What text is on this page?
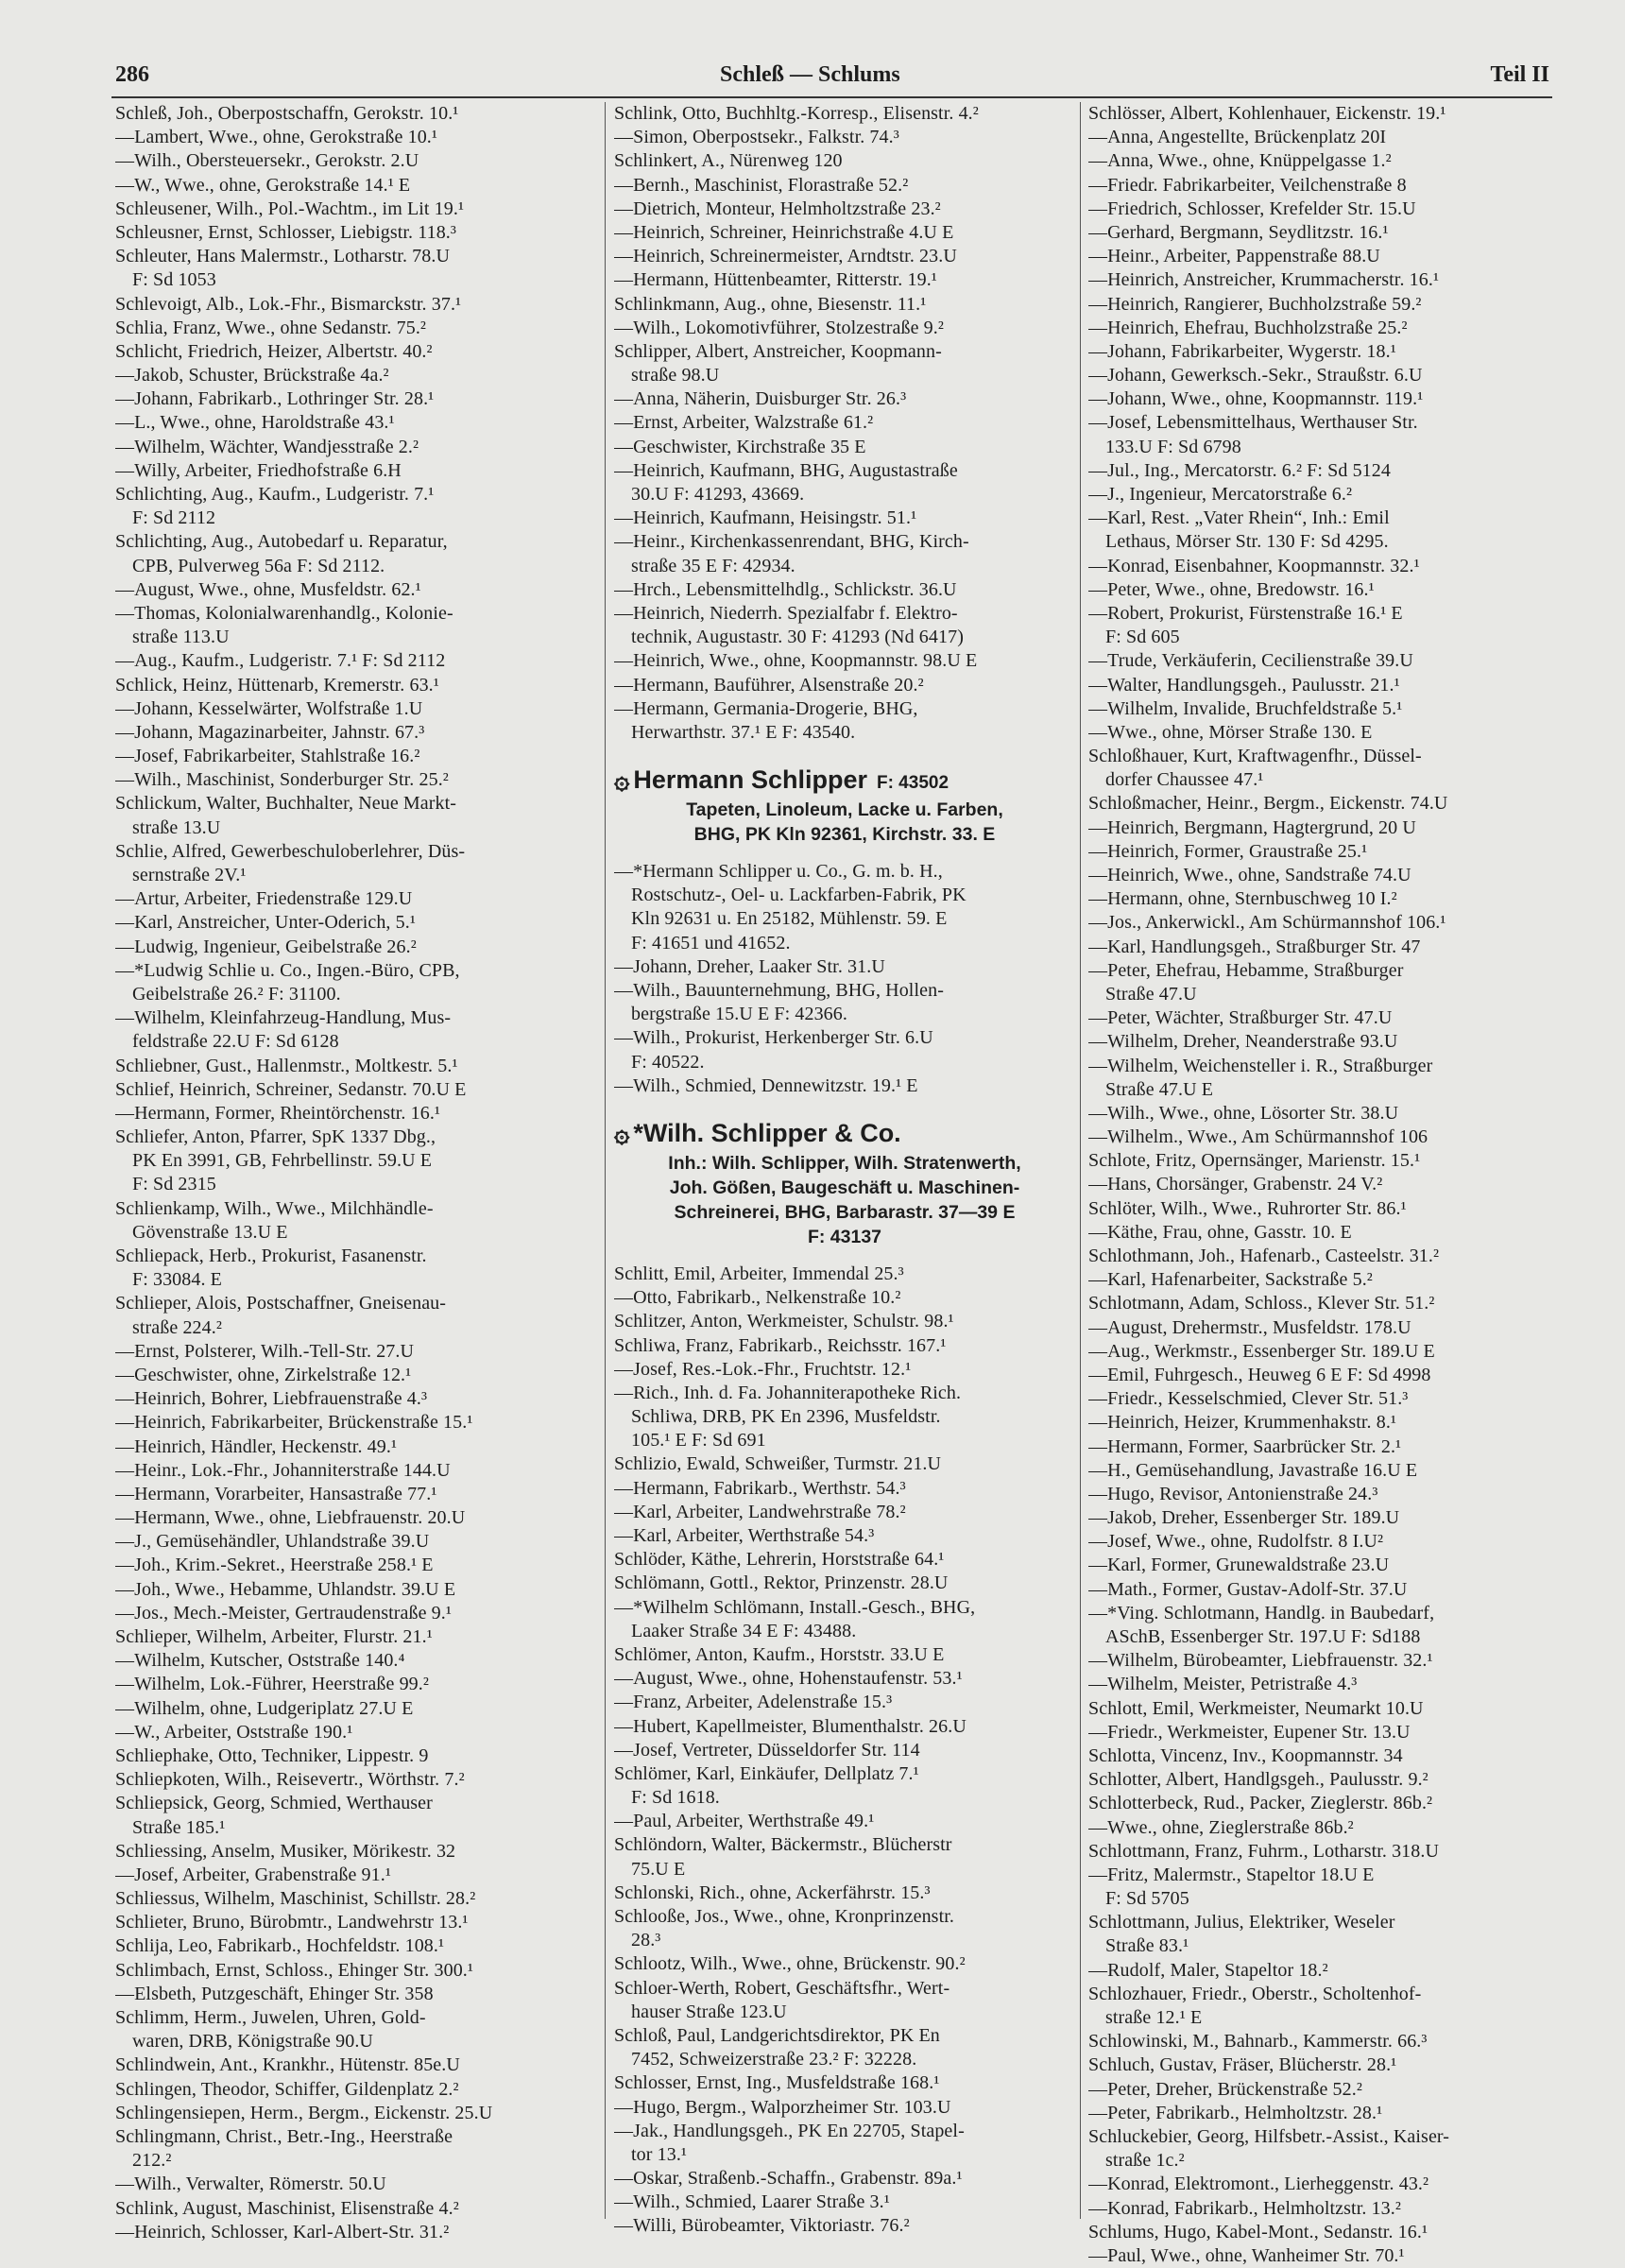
286	Schleß — Schlums	Teil II
Schleß, Joh., Oberpostschaffn, Gerokstr. 10.¹
—Lambert, Wwe., ohne, Gerokstraße 10.¹
—Wilh., Obersteuersekr., Gerokstr. 2.U
—W., Wwe., ohne, Gerokstraße 14.¹ E
Schleusener, Wilh., Pol.-Wachtm., im Lit 19.¹
Schleusner, Ernst, Schlosser, Liebigstr. 118.³
Schleuter, Hans Malermstr., Lotharstr. 78.U
F: Sd 1053
Schlevoigt, Alb., Lok.-Fhr., Bismarckstr. 37.¹
Schlia, Franz, Wwe., ohne Sedanstr. 75.²
Schlicht, Friedrich, Heizer, Albertstr. 40.²
—Jakob, Schuster, Brückstraße 4a.²
—Johann, Fabrikarb., Lothringer Str. 28.¹
—L., Wwe., ohne, Haroldstraße 43.¹
—Wilhelm, Wächter, Wandjesstraße 2.²
—Willy, Arbeiter, Friedhofstraße 6.H
Schlichting, Aug., Kaufm., Ludgeristr. 7.¹
F: Sd 2112
Schlichting, Aug., Autobedarf u. Reparatur,
CPB, Pulverweg 56a F: Sd 2112.
—August, Wwe., ohne, Musfeldstr. 62.¹
—Thomas, Kolonialwarenhandlg., Kolonie-
straße 113.U
—Aug., Kaufm., Ludgeristr. 7.¹ F: Sd 2112
Schlick, Heinz, Hüttenarb, Kremerstr. 63.¹
—Johann, Kesselwärter, Wolfstraße 1.U
—Johann, Magazinarbeiter, Jahnstr. 67.³
—Josef, Fabrikarbeiter, Stahlstraße 16.²
—Wilh., Maschinist, Sonderburger Str. 25.²
Schlickum, Walter, Buchhalter, Neue Markt-
straße 13.U
Schlie, Alfred, Gewerbeschuloberlehrer, Düs-
sernstraße 2V.¹
—Artur, Arbeiter, Friedenstraße 129.U
—Karl, Anstreicher, Unter-Oderich, 5.¹
—Ludwig, Ingenieur, Geibelstraße 26.²
—*Ludwig Schlie u. Co., Ingen.-Büro, CPB,
Geibelstraße 26.² F: 31100.
—Wilhelm, Kleinfahrzeug-Handlung, Mus-
feldstraße 22.U F: Sd 6128
Schliebner, Gust., Hallenmstr., Moltkestr. 5.¹
Schlief, Heinrich, Schreiner, Sedanstr. 70.U E
—Hermann, Former, Rheintörchenstr. 16.¹
Schliefer, Anton, Pfarrer, SpK 1337 Dbg.,
PK En 3991, GB, Fehrbellinstr. 59.U E
F: Sd 2315
Schlienkamp, Wilh., Wwe., Milchhändle-
Gövenstraße 13.U E
Schliepack, Herb., Prokurist, Fasanenstr.
F: 33084. E
Schlieper, Alois, Postschaffner, Gneisenau-
straße 224.²
—Ernst, Polsterer, Wilh.-Tell-Str. 27.U
—Geschwister, ohne, Zirkelstraße 12.¹
—Heinrich, Bohrer, Liebfrauenstraße 4.³
—Heinrich, Fabrikarbeiter, Brückenstraße 15.¹
—Heinrich, Händler, Heckenstr. 49.¹
—Heinr., Lok.-Fhr., Johanniterstraße 144.U
—Hermann, Vorarbeiter, Hansastraße 77.¹
—Hermann, Wwe., ohne, Liebfrauenstr. 20.U
—J., Gemüsehändler, Uhlandstraße 39.U
—Joh., Krim.-Sekret., Heerstraße 258.¹ E
—Joh., Wwe., Hebamme, Uhlandstr. 39.U E
—Jos., Mech.-Meister, Gertraudenstraße 9.¹
Schlieper, Wilhelm, Arbeiter, Flurstr. 21.¹
—Wilhelm, Kutscher, Oststraße 140.⁴
—Wilhelm, Lok.-Führer, Heerstraße 99.²
—Wilhelm, ohne, Ludgeriplatz 27.U E
—W., Arbeiter, Oststraße 190.¹
Schliephake, Otto, Techniker, Lippestr. 9
Schliepkoten, Wilh., Reisevertr., Wörthstr. 7.²
Schliepsick, Georg, Schmied, Werthauser
Straße 185.¹
Schliessing, Anselm, Musiker, Mörikestr. 32
—Josef, Arbeiter, Grabenstraße 91.¹
Schliessus, Wilhelm, Maschinist, Schillstr. 28.²
Schlieter, Bruno, Bürobmtr., Landwehrstr 13.¹
Schlija, Leo, Fabrikarb., Hochfeldstr. 108.¹
Schlimbach, Ernst, Schloss., Ehinger Str. 300.¹
—Elsbeth, Putzgeschäft, Ehinger Str. 358
Schlimm, Herm., Juwelen, Uhren, Gold-
waren, DRB, Königstraße 90.U
Schlindwein, Ant., Krankhr., Hütenstr. 85e.U
Schlingen, Theodor, Schiffer, Gildenplatz 2.²
Schlingensiepen, Herm., Bergm., Eickenstr. 25.U
Schlingmann, Christ., Betr.-Ing., Heerstraße
212.²
—Wilh., Verwalter, Römerstr. 50.U
Schlink, August, Maschinist, Elisenstraße 4.²
—Heinrich, Schlosser, Karl-Albert-Str. 31.²
Schlink, Otto, Buchhltg.-Korresp., Elisenstr. 4.²
—Simon, Oberpostsekr., Falkstr. 74.³
Schlinkert, A., Nürenweg 120
—Bernh., Maschinist, Florastraße 52.²
—Dietrich, Monteur, Helmholtzstraße 23.²
—Heinrich, Schreiner, Heinrichstraße 4.U E
—Heinrich, Schreinermeister, Arndtstr. 23.U
—Hermann, Hüttenbeamter, Ritterstr. 19.¹
Schlinkmann, Aug., ohne, Biesenstr. 11.¹
—Wilh., Lokomotivführer, Stolzestraße 9.²
Schlipper, Albert, Anstreicher, Koopmann-
straße 98.U
—Anna, Näherin, Duisburger Str. 26.³
—Ernst, Arbeiter, Walzstraße 61.²
—Geschwister, Kirchstraße 35 E
—Heinrich, Kaufmann, BHG, Augustastraße
30.U F: 41293, 43669.
—Heinrich, Kaufmann, Heisingstr. 51.¹
—Heinr., Kirchenkassenrendant, BHG, Kirch-
straße 35 E F: 42934.
—Hrch., Lebensmittelhdlg., Schlickstr. 36.U
—Heinrich, Niederrh. Spezialfabr f. Elektro-
technik, Augustastr. 30 F: 41293 (Nd 6417)
—Heinrich, Wwe., ohne, Koopmannstr. 98.U E
—Hermann, Bauführer, Alsenstraße 20.²
—Hermann, Germania-Drogerie, BHG,
Herwarthstr. 37.¹ E F: 43540.
۞ Hermann Schlipper F: 43502
Tapeten, Linoleum, Lacke u. Farben,
BHG, PK Kln 92361, Kirchstr. 33. E
—*Hermann Schlipper u. Co., G. m. b. H.,
Rostschutz-, Oel- u. Lackfarben-Fabrik, PK
Kln 92631 u. En 25182, Mühlenstr. 59. E
F: 41651 und 41652.
—Johann, Dreher, Laaker Str. 31.U
—Wilh., Bauunternehmung, BHG, Hollen-
bergstraße 15.U E F: 42366.
—Wilh., Prokurist, Herkenberger Str. 6.U
F: 40522.
—Wilh., Schmied, Dennewitzstr. 19.¹ E
۞ *Wilh. Schlipper & Co.
Inh.: Wilh. Schlipper, Wilh. Stratenwerth,
Joh. Gößen, Baugeschäft u. Maschinen-
Schreinerei, BHG, Barbarastr. 37—39 E
F: 43137
Schlitt, Emil, Arbeiter, Immendal 25.³
—Otto, Fabrikarb., Nelkenstraße 10.²
Schlitzer, Anton, Werkmeister, Schulstr. 98.¹
Schliwa, Franz, Fabrikarb., Reichsstr. 167.¹
—Josef, Res.-Lok.-Fhr., Fruchtstr. 12.¹
—Rich., Inh. d. Fa. Johanniterapotheke Rich.
Schliwa, DRB, PK En 2396, Musfeldstr.
105.¹ E F: Sd 691
Schlizio, Ewald, Schweißer, Turmstr. 21.U
—Hermann, Fabrikarb., Werthstr. 54.³
—Karl, Arbeiter, Landwehrstraße 78.²
—Karl, Arbeiter, Werthstraße 54.³
Schlöder, Käthe, Lehrerin, Horststraße 64.¹
Schlömann, Gottl., Rektor, Prinzenstr. 28.U
—*Wilhelm Schlömann, Install.-Gesch., BHG,
Laaker Straße 34 E F: 43488.
Schlömer, Anton, Kaufm., Horststr. 33.U E
—August, Wwe., ohne, Hohenstaufenstr. 53.¹
—Franz, Arbeiter, Adelenstraße 15.³
—Hubert, Kapellmeister, Blumenthalstr. 26.U
—Josef, Vertreter, Düsseldorfer Str. 114
Schlömer, Karl, Einkäufer, Dellplatz 7.¹
F: Sd 1618.
—Paul, Arbeiter, Werthstraße 49.¹
Schlöndorn, Walter, Bäckermstr., Blücherstr
75.U E
Schlonski, Rich., ohne, Ackerfährstr. 15.³
Schlooße, Jos., Wwe., ohne, Kronprinzenstr.
28.³
Schlootz, Wilh., Wwe., ohne, Brückenstr. 90.²
Schloer-Werth, Robert, Geschäftsfhr., Wert-
hauser Straße 123.U
Schloß, Paul, Landgerichtsdirektor, PK En
7452, Schweizerstraße 23.² F: 32228.
Schlosser, Ernst, Ing., Musfeldstraße 168.¹
—Hugo, Bergm., Walporzheimer Str. 103.U
—Jak., Handlungsgeh., PK En 22705, Stapel-
tor 13.¹
—Oskar, Straßenb.-Schaffn., Grabenstr. 89a.¹
—Wilh., Schmied, Laarer Straße 3.¹
—Willi, Bürobeamter, Viktoriastr. 76.²
Schlösser, Albert, Kohlenhauer, Eickenstr. 19.¹
—Anna, Angestellte, Brückenplatz 20I
—Anna, Wwe., ohne, Knüppelgasse 1.²
—Friedr. Fabrikarbeiter, Veilchenstraße 8
—Friedrich, Schlosser, Krefelder Str. 15.U
—Gerhard, Bergmann, Seydlitzstr. 16.¹
—Heinr., Arbeiter, Pappenstraße 88.U
—Heinrich, Anstreicher, Krummacherstr. 16.¹
—Heinrich, Rangierer, Buchholzstraße 59.²
—Heinrich, Ehefrau, Buchholzstraße 25.²
—Johann, Fabrikarbeiter, Wygerstr. 18.¹
—Johann, Gewerksch.-Sekr., Straußstr. 6.U
—Johann, Wwe., ohne, Koopmannstr. 119.¹
—Josef, Lebensmittelhaus, Werthauser Str.
133.U F: Sd 6798
—Jul., Ing., Mercatorstr. 6.² F: Sd 5124
—J., Ingenieur, Mercatorstraße 6.²
—Karl, Rest. „Vater Rhein“, Inh.: Emil
Lethaus, Mörser Str. 130 F: Sd 4295.
—Konrad, Eisenbahner, Koopmannstr. 32.¹
—Peter, Wwe., ohne, Bredowstr. 16.¹
—Robert, Prokurist, Fürstenstraße 16.¹ E
F: Sd 605
—Trude, Verkäuferin, Cecilienstraße 39.U
—Walter, Handlungsgeh., Paulusstr. 21.¹
—Wilhelm, Invalide, Bruchfeldstraße 5.¹
—Wwe., ohne, Mörser Straße 130. E
Schloßhauer, Kurt, Kraftwagenfhr., Düssel-
dorfer Chaussee 47.¹
Schloßmacher, Heinr., Bergm., Eickenstr. 74.U
—Heinrich, Bergmann, Hagtergrund, 20 U
—Heinrich, Former, Graustraße 25.¹
—Heinrich, Wwe., ohne, Sandstraße 74.U
—Hermann, ohne, Sternbuschweg 10 I.²
—Jos., Ankerwickl., Am Schürmannshof 106.¹
—Karl, Handlungsgeh., Straßburger Str. 47
—Peter, Ehefrau, Hebamme, Straßburger
Straße 47.U
—Peter, Wächter, Straßburger Str. 47.U
—Wilhelm, Dreher, Neanderstraße 93.U
—Wilhelm, Weichensteller i. R., Straßburger
Straße 47.U E
—Wilh., Wwe., ohne, Lösorter Str. 38.U
—Wilhelm., Wwe., Am Schürmannshof 106
Schlote, Fritz, Opernsänger, Marienstr. 15.¹
—Hans, Chorsänger, Grabenstr. 24 V.²
Schlöter, Wilh., Wwe., Ruhrorter Str. 86.¹
—Käthe, Frau, ohne, Gasstr. 10. E
Schlothmann, Joh., Hafenarb., Casteelstr. 31.²
—Karl, Hafenarbeiter, Sackstraße 5.²
Schlotmann, Adam, Schloss., Klever Str. 51.²
—August, Drehermstr., Musfeldstr. 178.U
—Aug., Werkmstr., Essenberger Str. 189.U E
—Emil, Fuhrgesch., Heuweg 6 E F: Sd 4998
—Friedr., Kesselschmied, Clever Str. 51.³
—Heinrich, Heizer, Krummenhakstr. 8.¹
—Hermann, Former, Saarbrücker Str. 2.¹
—H., Gemüsehandlung, Javastraße 16.U E
—Hugo, Revisor, Antonienstraße 24.³
—Jakob, Dreher, Essenberger Str. 189.U
—Josef, Wwe., ohne, Rudolfstr. 8 I.U²
—Karl, Former, Grunewaldstraße 23.U
—Math., Former, Gustav-Adolf-Str. 37.U
—*Ving. Schlotmann, Handlg. in Baubedarf,
ASchB, Essenberger Str. 197.U F: Sd188
—Wilhelm, Bürobeamter, Liebfrauenstr. 32.¹
—Wilhelm, Meister, Petristraße 4.³
Schlott, Emil, Werkmeister, Neumarkt 10.U
—Friedr., Werkmeister, Eupener Str. 13.U
Schlotta, Vincenz, Inv., Koopmannstr. 34
Schlotter, Albert, Handlgsgeh., Paulusstr. 9.²
Schlotterbeck, Rud., Packer, Zieglerstr. 86b.²
—Wwe., ohne, Zieglerstraße 86b.²
Schlottmann, Franz, Fuhrm., Lotharstr. 318.U
—Fritz, Malermstr., Stapeltor 18.U E
F: Sd 5705
Schlottmann, Julius, Elektriker, Weseler
Straße 83.¹
—Rudolf, Maler, Stapeltor 18.²
Schlozhauer, Friedr., Oberstr., Scholtenhof-
straße 12.¹ E
Schlowinski, M., Bahnarb., Kammerstr. 66.³
Schluch, Gustav, Fräser, Blücherstr. 28.¹
—Peter, Dreher, Brückenstraße 52.²
—Peter, Fabrikarb., Helmholtzstr. 28.¹
Schluckebier, Georg, Hilfsbetr.-Assist., Kaiser-
straße 1c.²
—Konrad, Elektromont., Lierheggenstr. 43.²
—Konrad, Fabrikarb., Helmholtzstr. 13.²
Schlums, Hugo, Kabel-Mont., Sedanstr. 16.¹
—Paul, Wwe., ohne, Wanheimer Str. 70.¹
